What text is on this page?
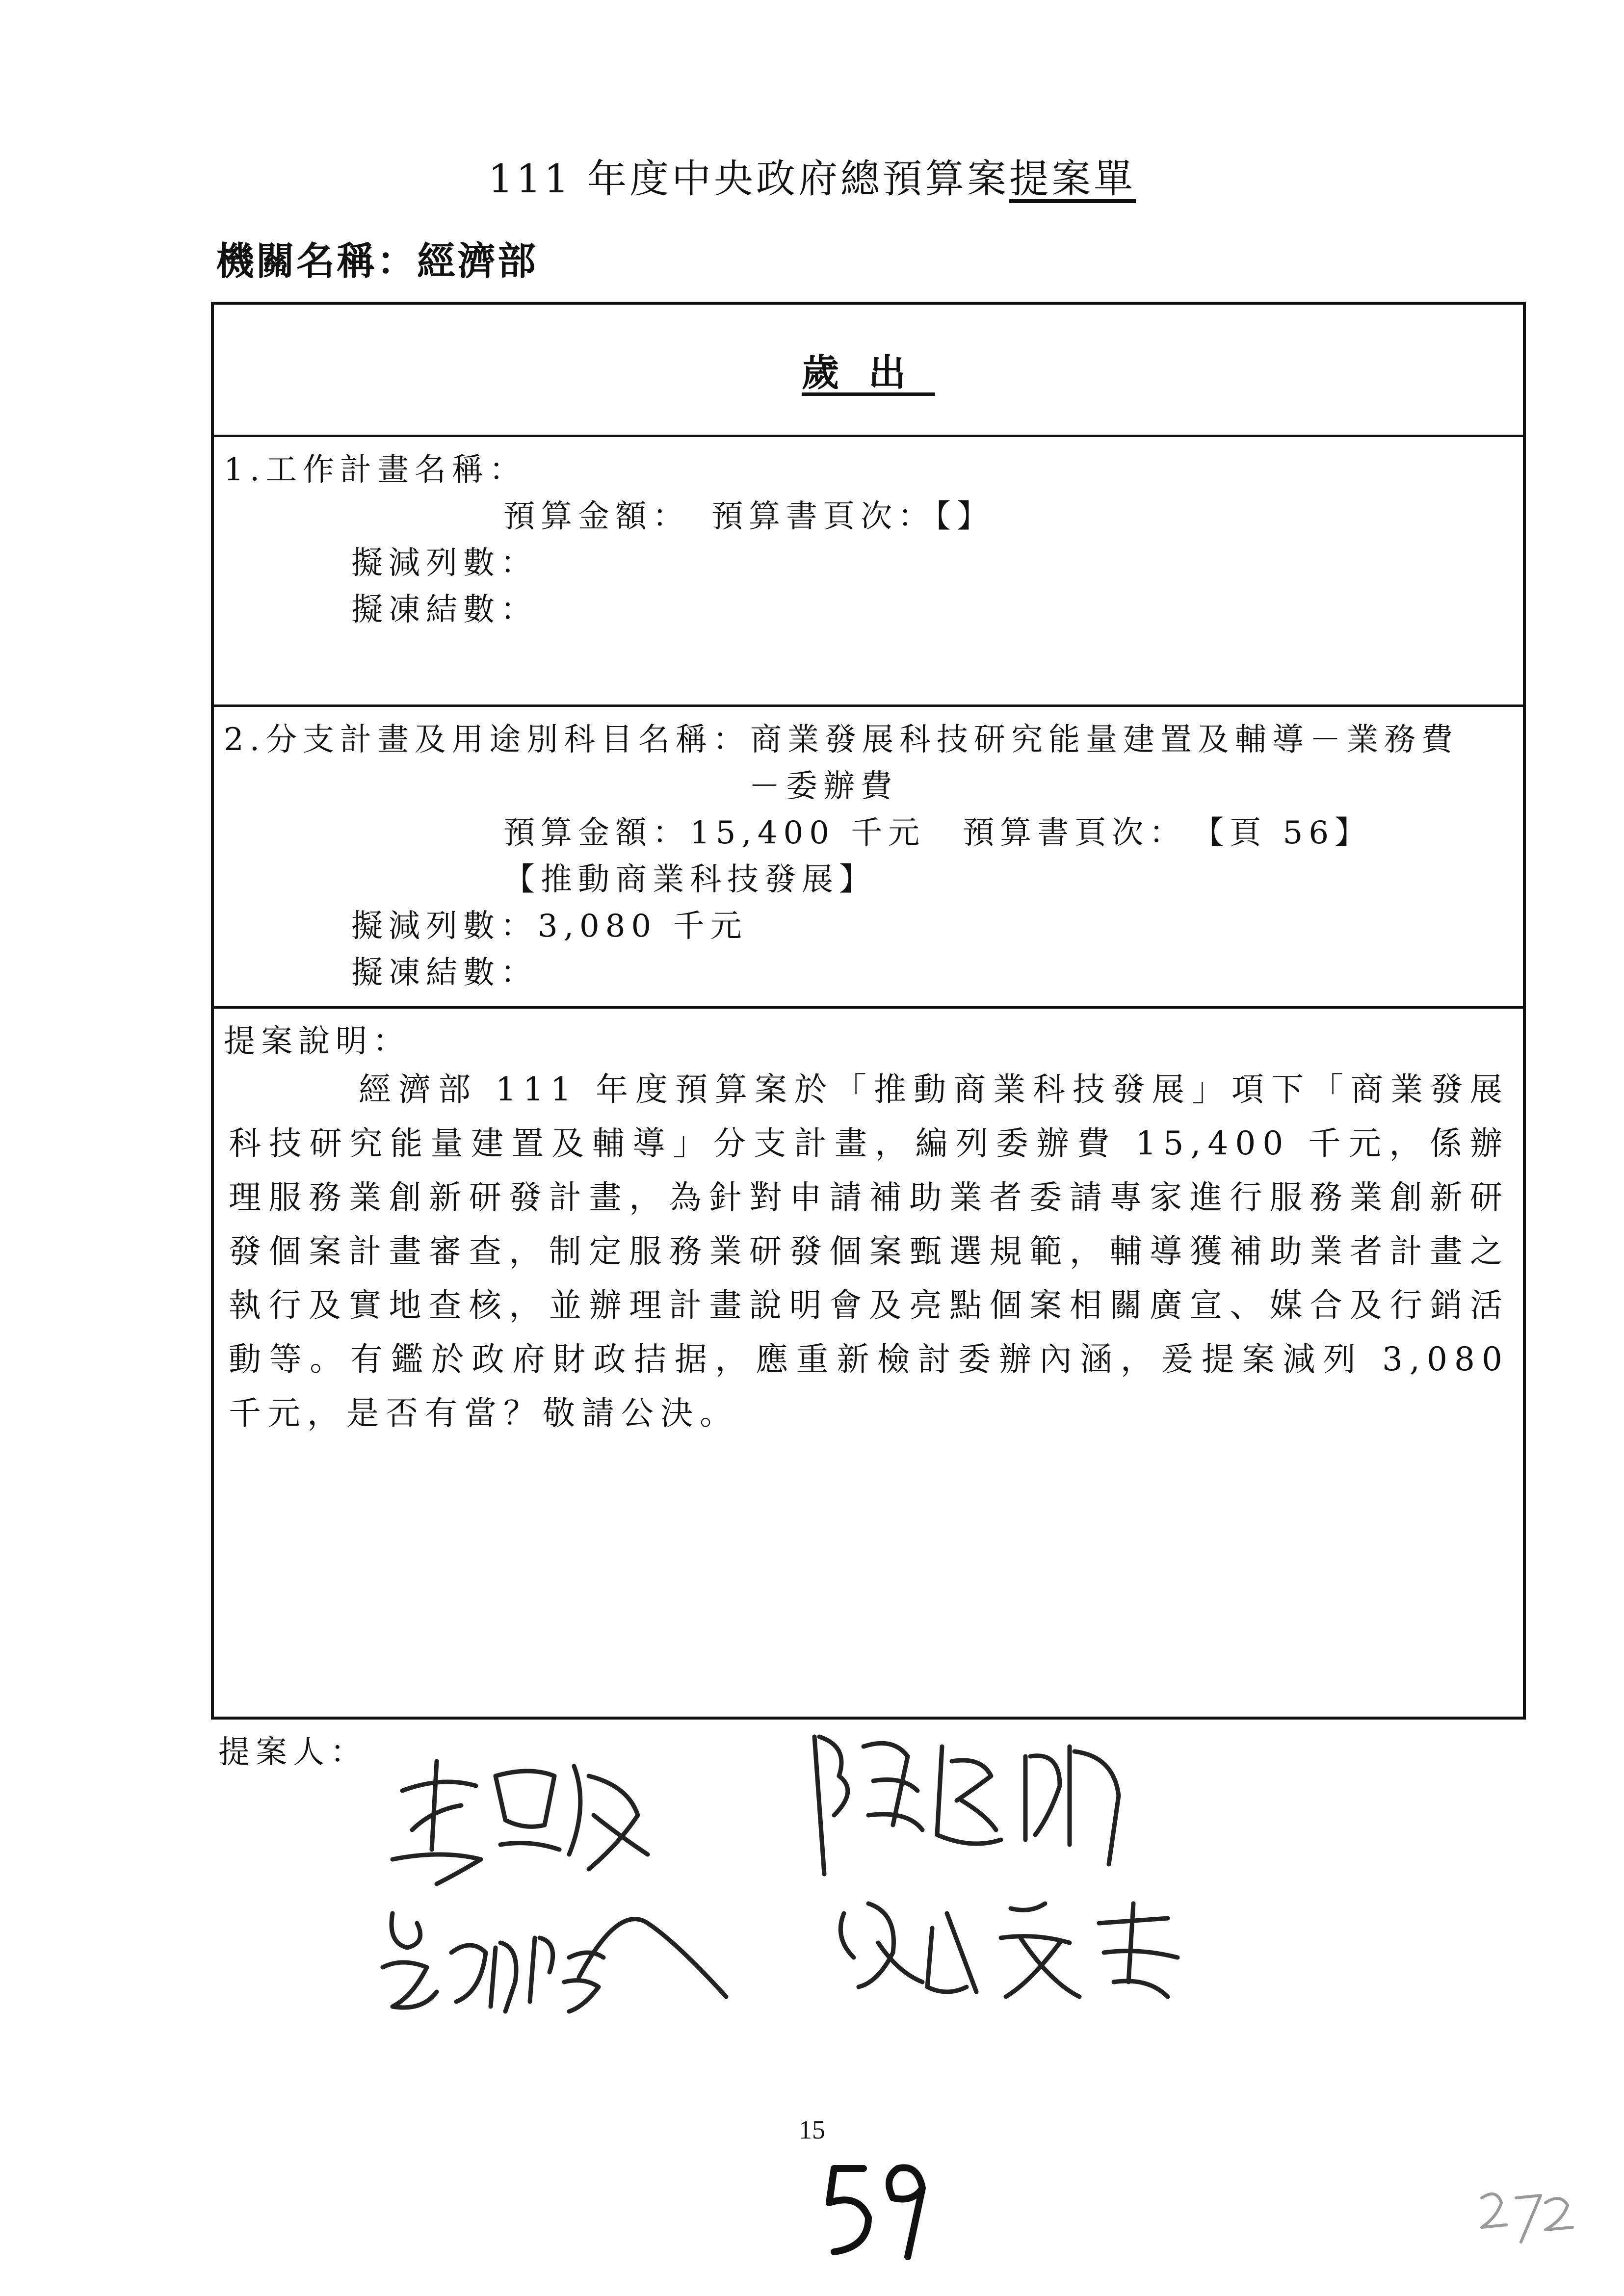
111 年度中央政府總預算案提案單
機關名稱：經濟部
歲出
1.工作計畫名稱：
預算金額：　預算書頁次：【】
擬減列數：
擬凍結數：
2.分支計畫及用途別科目名稱：商業發展科技研究能量建置及輔導－業務費
－委辦費
預算金額：15,400 千元　預算書頁次：　【頁 56】
【推動商業科技發展】
擬減列數：3,080 千元
擬凍結數：
提案說明：
經濟部 111 年度預算案於「推動商業科技發展」項下「商業發展科技研究能量建置及輔導」分支計畫，編列委辦費 15,400 千元，係辦理服務業創新研發計畫，為針對申請補助業者委請專家進行服務業創新研發個案計畫審查，制定服務業研發個案甄選規範，輔導獲補助業者計畫之執行及實地查核，並辦理計畫說明會及亮點個案相關廣宣、媒合及行銷活動等。有鑑於政府財政拮据，應重新檢討委辦內涵，爰提案減列 3,080 千元，是否有當？敬請公決。
提案人：
15
